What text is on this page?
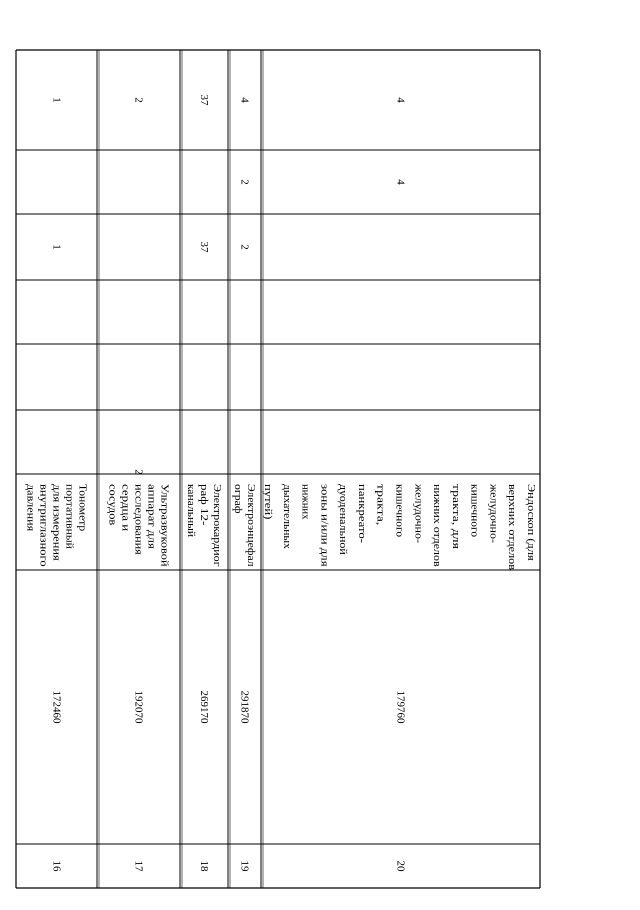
1
1
Тонометр
портативный
для измерения
внутриглазного
давления
172460
16
2
2
Ультразвуковой
аппарат для
исследования
сердца и
сосудов
192070
17
37
37
Электрокардиог
раф 12-
канальный
269170
18
4
2
2
Электроэнцефал
ограф
291870
19
4
4
Эндоскоп (для
верхних отделов
желудочно-
кишечного
тракта, для
нижних отделов
желудочно-
кишечного
тракта,
панкреато-
дуоденальной
зоны и/или для
нижних
дыхательных
путей)
179760
20
